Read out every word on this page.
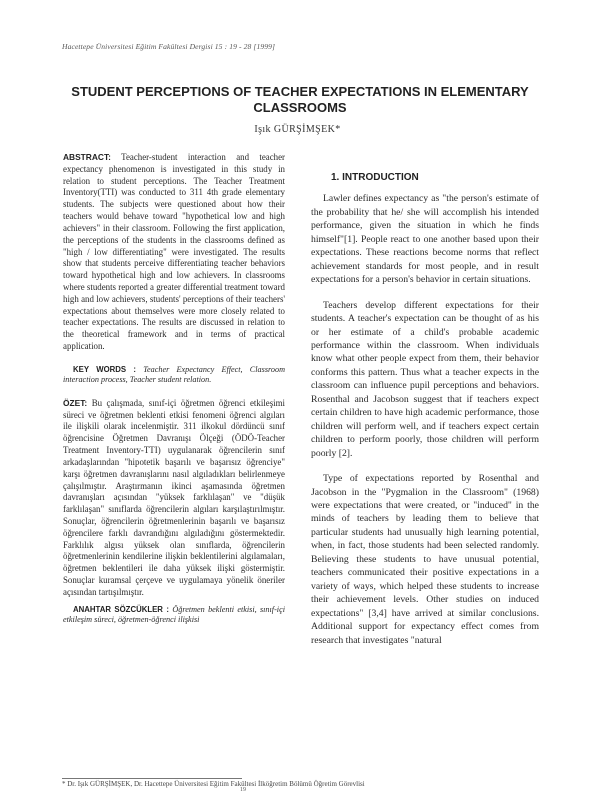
Hacettepe Üniversitesi Eğitim Fakültesi Dergisi 15 : 19 - 28 [1999]
STUDENT PERCEPTIONS OF TEACHER EXPECTATIONS IN ELEMENTARY CLASSROOMS
Işık GÜRŞİMŞEK*

ABSTRACT: Teacher-student interaction and teacher expectancy phenomenon is investigated in this study in relation to student perceptions. The Teacher Treatment Inventory(TTI) was conducted to 311 4th grade elementary students. The subjects were questioned about how their teachers would behave toward "hypothetical low and high achievers" in their classroom. Following the first application, the perceptions of the students in the classrooms defined as "high / low differentiating" were investigated. The results show that students perceive differentiating teacher behaviors toward hypothetical high and low achievers. In classrooms where students reported a greater differential treatment toward high and low achievers, students' perceptions of their teachers' expectations about themselves were more closely related to teacher expectations. The results are discussed in relation to the theoretical framework and in terms of practical application.

KEY WORDS : Teacher Expectancy Effect, Classroom interaction process, Teacher student relation.

ÖZET: Bu çalışmada, sınıf-içi öğretmen öğrenci etkileşimi süreci ve öğretmen beklenti etkisi fenomeni öğrenci algıları ile ilişkili olarak incelenmiştir. 311 ilkokul dördüncü sınıf öğrencisine Öğretmen Davranışı Ölçeği (ÖDÖ-Teacher Treatment Inventory-TTI) uygulanarak öğrencilerin sınıf arkadaşlarından "hipotetik başarılı ve başarısız öğrenciye" karşı öğretmen davranışlarını nasıl algıladıkları belirlenmeye çalışılmıştır. Araştırmanın ikinci aşamasında öğretmen davranışları açısından "yüksek farklılaşan" ve "düşük farklılaşan" sınıflarda öğrencilerin algıları karşılaştırılmıştır. Sonuçlar, öğrencilerin öğretmenlerinin başarılı ve başarısız öğrencilere farklı davrandığını algıladığını göstermektedir. Farklılık algısı yüksek olan sınıflarda, öğrencilerin öğretmenlerinin kendilerine ilişkin beklentilerini algılamaları, öğretmen beklentileri ile daha yüksek ilişki göstermiştir. Sonuçlar kuramsal çerçeve ve uygulamaya yönelik öneriler açısından tartışılmıştır.

ANAHTAR SÖZCÜKLER : Öğretmen beklenti etkisi, sınıf-içi etkileşim süreci, öğretmen-öğrenci ilişkisi

1. INTRODUCTION

Lawler defines expectancy as "the person's estimate of the probability that he/ she will accomplish his intended performance, given the situation in which he finds himself"[1]. People react to one another based upon their expectations. These reactions become norms that reflect achievement standards for most people, and in result expectations for a person's behavior in certain situations.

Teachers develop different expectations for their students. A teacher's expectation can be thought of as his or her estimate of a child's probable academic performance within the classroom. When individuals know what other people expect from them, their behavior conforms this pattern. Thus what a teacher expects in the classroom can influence pupil perceptions and behaviors. Rosenthal and Jacobson suggest that if teachers expect certain children to have high academic performance, those children will perform well, and if teachers expect certain children to perform poorly, those children will perform poorly [2].

Type of expectations reported by Rosenthal and Jacobson in the "Pygmalion in the Classroom" (1968) were expectations that were created, or "induced" in the minds of teachers by leading them to believe that particular students had unusually high learning potential, when, in fact, those students had been selected randomly. Believing these students to have unusual potential, teachers communicated their positive expectations in a variety of ways, which helped these students to increase their achievement levels. Other studies on induced expectations" [3,4] have arrived at similar conclusions. Additional support for expectancy effect comes from research that investigates "natural

* Dr. Işık GÜRŞİMŞEK, Dr. Hacettepe Üniversitesi Eğitim Fakültesi İlköğretim Bölümü Öğretim Görevlisi
19
